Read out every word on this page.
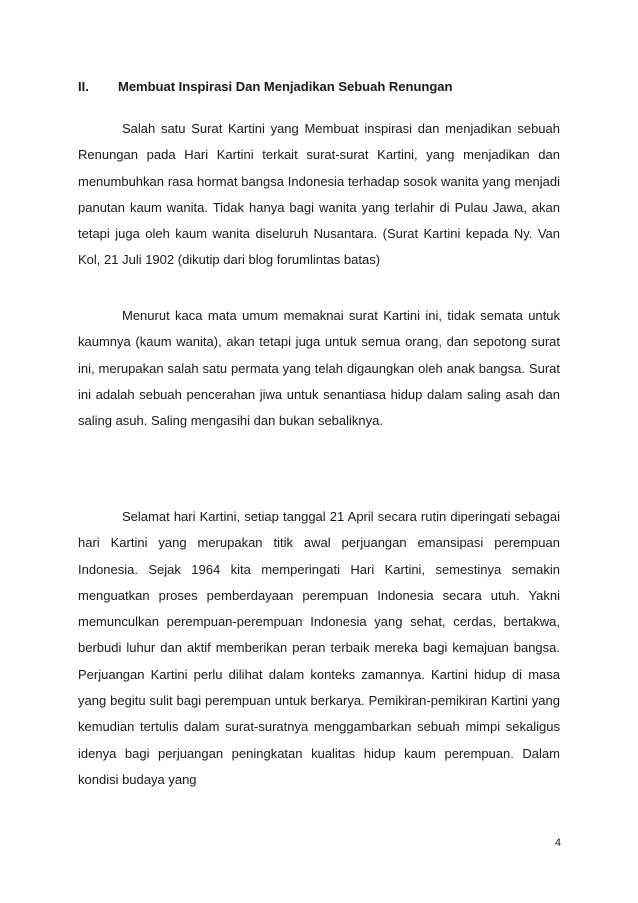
II.	Membuat Inspirasi Dan Menjadikan Sebuah Renungan

Salah satu Surat Kartini yang Membuat inspirasi dan menjadikan sebuah Renungan pada Hari Kartini terkait surat-surat Kartini, yang menjadikan dan menumbuhkan rasa hormat bangsa Indonesia terhadap sosok wanita yang menjadi panutan kaum wanita. Tidak hanya bagi wanita yang terlahir di Pulau Jawa, akan tetapi juga oleh kaum wanita diseluruh Nusantara. (Surat Kartini kepada Ny. Van Kol, 21 Juli 1902 (dikutip dari blog forumlintas batas)

Menurut kaca mata umum memaknai surat Kartini ini, tidak semata untuk kaumnya (kaum wanita), akan tetapi juga untuk semua orang, dan sepotong surat ini, merupakan salah satu permata yang telah digaungkan oleh anak bangsa. Surat ini adalah sebuah pencerahan jiwa untuk senantiasa hidup dalam saling asah dan saling asuh. Saling mengasihi dan bukan sebaliknya.

Selamat hari Kartini, setiap tanggal 21 April secara rutin diperingati sebagai hari Kartini yang merupakan titik awal perjuangan emansipasi perempuan Indonesia. Sejak 1964 kita memperingati Hari Kartini, semestinya semakin menguatkan proses pemberdayaan perempuan Indonesia secara utuh. Yakni memunculkan perempuan-perempuan Indonesia yang sehat, cerdas, bertakwa, berbudi luhur dan aktif memberikan peran terbaik mereka bagi kemajuan bangsa. Perjuangan Kartini perlu dilihat dalam konteks zamannya. Kartini hidup di masa yang begitu sulit bagi perempuan untuk berkarya. Pemikiran-pemikiran Kartini yang kemudian tertulis dalam surat-suratnya menggambarkan sebuah mimpi sekaligus idenya bagi perjuangan peningkatan kualitas hidup kaum perempuan. Dalam kondisi budaya yang

4
